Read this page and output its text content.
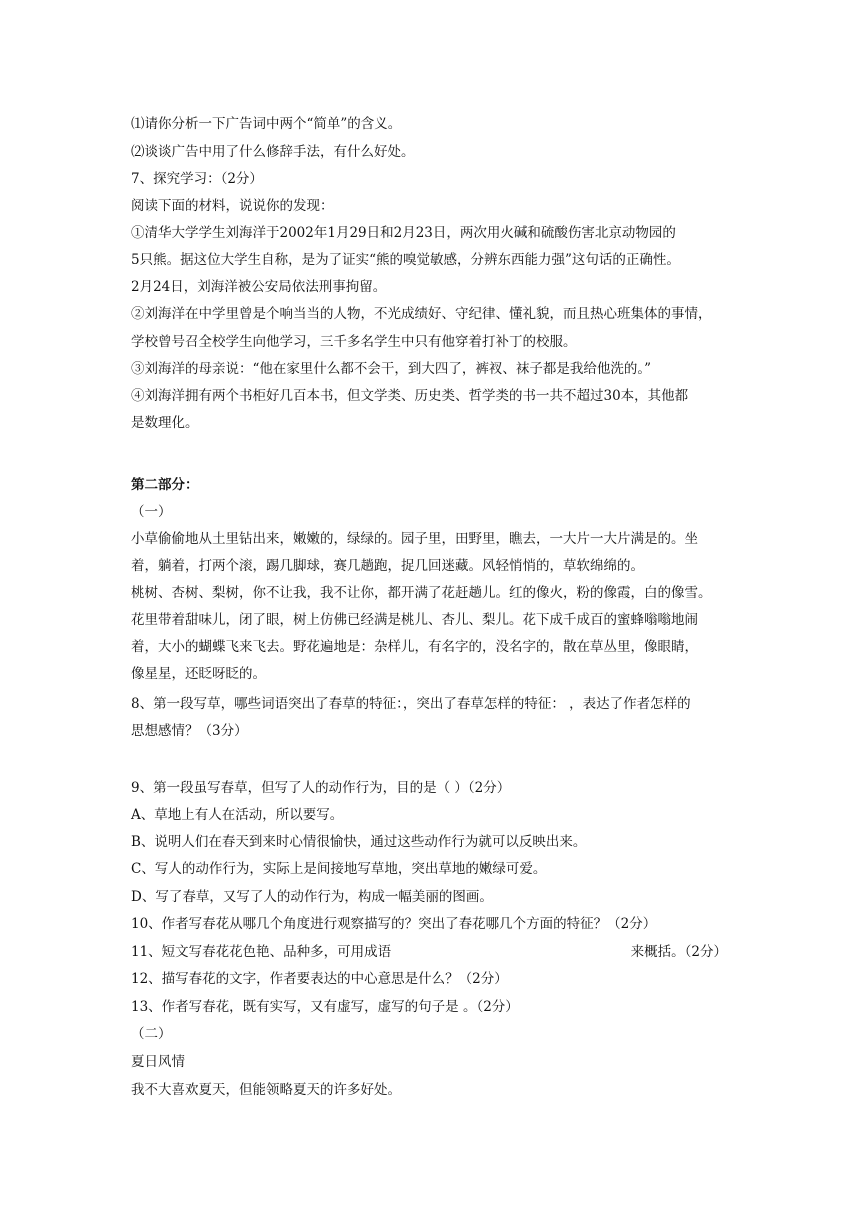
⑴请你分析一下广告词中两个“简单”的含义。
⑵谈谈广告中用了什么修辞手法，有什么好处。
7、探究学习：（2分）
阅读下面的材料，说说你的发现：
①清华大学学生刘海洋于2002年1月29日和2月23日，两次用火碱和硫酸伤害北京动物园的
5只熊。据这位大学生自称，是为了证实“熊的嗅觉敏感，分辨东西能力强”这句话的正确性。
2月24日，刘海洋被公安局依法刑事拘留。
②刘海洋在中学里曾是个响当当的人物，不光成绩好、守纪律、懂礼貌，而且热心班集体的事情，
学校曾号召全校学生向他学习，三千多名学生中只有他穿着打补丁的校服。
③刘海洋的母亲说：“他在家里什么都不会干，到大四了，裤衩、袜子都是我给他洗的。”
④刘海洋拥有两个书柜好几百本书，但文学类、历史类、哲学类的书一共不超过30本，其他都
是数理化。
第二部分：
（一）
小草偷偷地从土里钻出来，嫩嫩的，绿绿的。园子里，田野里，瞧去，一大片一大片满是的。坐
着，躺着，打两个滚，踢几脚球，赛几趟跑，捉几回迷藏。风轻悄悄的，草软绵绵的。
桃树、杏树、梨树，你不让我，我不让你，都开满了花赶趟儿。红的像火，粉的像霞，白的像雪。
花里带着甜味儿，闭了眼，树上仿佛已经满是桃儿、杏儿、梨儿。花下成千成百的蜜蜂嗡嗡地闹
着，大小的蝴蝶飞来飞去。野花遍地是：杂样儿，有名字的，没名字的，散在草丛里，像眼睛，
像星星，还眨呀眨的。
8、第一段写草，哪些词语突出了春草的特征：，突出了春草怎样的特征： ，表达了作者怎样的
思想感情？（3分）
9、第一段虽写春草，但写了人的动作行为，目的是（ ）（2分）
A、草地上有人在活动，所以要写。
B、说明人们在春天到来时心情很愉快，通过这些动作行为就可以反映出来。
C、写人的动作行为，实际上是间接地写草地，突出草地的嫩绿可爱。
D、写了春草，又写了人的动作行为，构成一幅美丽的图画。
10、作者写春花从哪几个角度进行观察描写的？突出了春花哪几个方面的特征？（2分）
11、短文写春花花色艳、品种多，可用成语	来概括。（2分）
12、描写春花的文字，作者要表达的中心意思是什么？（2分）
13、作者写春花，既有实写，又有虚写，虚写的句子是 。（2分）
（二）
夏日风情
我不大喜欢夏天，但能领略夏天的许多好处。
